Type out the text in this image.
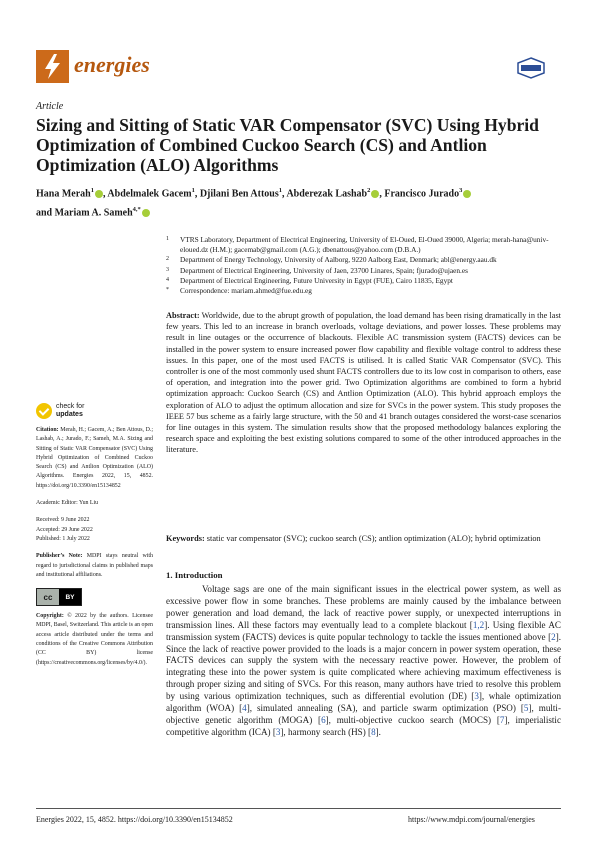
energies
Article
Sizing and Sitting of Static VAR Compensator (SVC) Using Hybrid Optimization of Combined Cuckoo Search (CS) and Antlion Optimization (ALO) Algorithms
Hana Merah$^1$ , Abdelmalek Gacem$^1$, Djilani Ben Attous$^1$, Abderezak Lashab$^2$ , Francisco Jurado$^3$
and Mariam A. Sameh$^{4,*}$
1 VTRS Laboratory, Department of Electrical Engineering, University of El-Oued, El-Oued 39000, Algeria; merah-hana@univ-eloued.dz (H.M.); gacemab@gmail.com (A.G.); dbenattous@yahoo.com (D.B.A.)
2 Department of Energy Technology, University of Aalborg, 9220 Aalborg East, Denmark; abl@energy.aau.dk
3 Department of Electrical Engineering, University of Jaen, 23700 Linares, Spain; fjurado@ujaen.es
4 Department of Electrical Engineering, Future University in Egypt (FUE), Cairo 11835, Egypt
* Correspondence: mariam.ahmed@fue.edu.eg
Abstract: Worldwide, due to the abrupt growth of population, the load demand has been rising dramatically in the last few years. This led to an increase in branch overloads, voltage deviations, and power losses. These problems may result in line outages or the occurrence of blackouts. Flexible AC transmission system (FACTS) devices can be installed in the power system to ensure increased power flow capability and flexible voltage control to address these issues. In this paper, one of the most used FACTS is utilised. It is called Static VAR Compensator (SVC). This controller is one of the most commonly used shunt FACTS controllers due to its low cost in comparison to others, ease of operation, and integration into the power grid. Two Optimization algorithms are combined to form a hybrid optimization approach: Cuckoo Search (CS) and Antlion Optimization (ALO). This hybrid approach employs the exploration of ALO to adjust the optimum allocation and size for SVCs in the power system. This study proposes the IEEE 57 bus scheme as a fairly large structure, with the 50 and 41 branch outages considered the worst-case scenarios for line outages in this system. The simulation results show that the proposed methodology balances exploring the research space and exploiting the best existing solutions compared to some of the other introduced approaches in the literature.
Keywords: static var compensator (SVC); cuckoo search (CS); antlion optimization (ALO); hybrid optimization
check for
updates

Citation: Merah, H.; Gacem, A.; Ben Attous, D.; Lashab, A.; Jurado, F.; Sameh, M.A. Sizing and Sitting of Static VAR Compensator (SVC) Using Hybrid Optimization of Combined Cuckoo Search (CS) and Antlion Optimization (ALO) Algorithms. Energies 2022, 15, 4852. https://doi.org/10.3390/en15134852

Academic Editor: Yun Liu

Received: 9 June 2022
Accepted: 29 June 2022

Published: 1 July 2022

Publisher’s Note: MDPI stays neutral with regard to jurisdictional claims in published maps and institutional affiliations.

cc	BY

Copyright: © 2022 by the authors. Licensee MDPI, Basel, Switzerland. This article is an open access article distributed under the terms and conditions of the Creative Commons Attribution (CC BY) license (https://creativecommons.org/licenses/by/4.0/).

1. Introduction
Voltage sags are one of the main significant issues in the electrical power system, as well as excessive power flow in some branches. These problems are mainly caused by the imbalance between power generation and load demand, the lack of reactive power supply, or unexpected interruptions in transmission lines. All these factors may eventually lead to a complete blackout [1,2]. Using flexible AC transmission system (FACTS) devices is quite popular technology to tackle the issues mentioned above [2]. Since the lack of reactive power provided to the loads is a major concern in power system operation, these FACTS devices can supply the system with the necessary reactive power. However, the problem of integrating these into the power system is quite complicated where achieving maximum effectiveness is through proper sizing and siting of SVCs. For this reason, many authors have tried to resolve this problem by using various optimization techniques, such as differential evolution (DE) [3], whale optimization algorithm (WOA) [4], simulated annealing (SA), and particle swarm optimization (PSO) [5], multi-objective genetic algorithm (MOGA) [6], multi-objective cuckoo search (MOCS) [7], imperialistic competitive algorithm (ICA) [3], harmony search (HS) [8].
Energies 2022, 15, 4852. https://doi.org/10.3390/en15134852	https://www.mdpi.com/journal/energies
